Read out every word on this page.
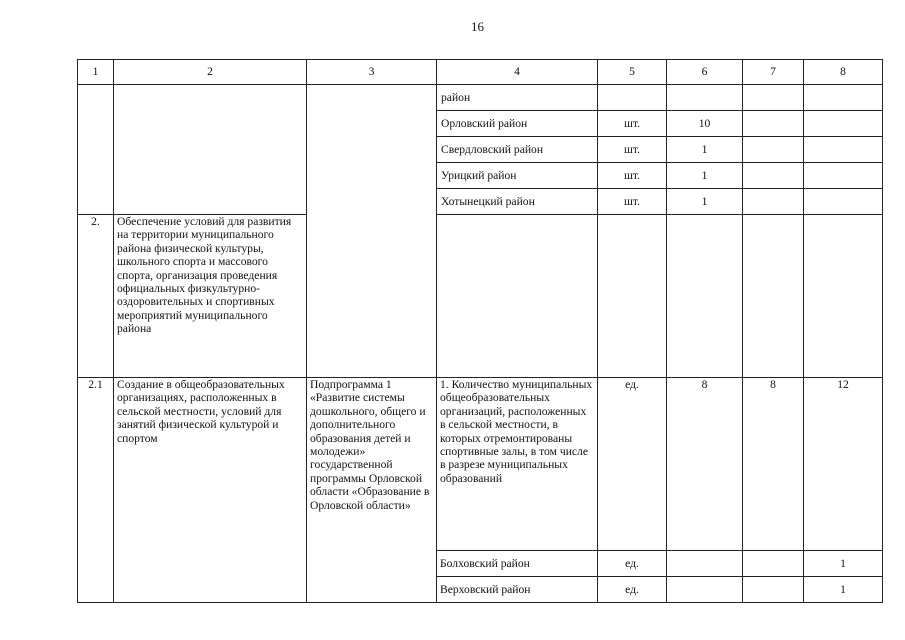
16
1	2	3	4	5	6	7	8
			район				
			Орловский район	шт.	10		
			Свердловский район	шт.	1		
			Урицкий район	шт.	1		
			Хотынецкий район	шт.	1		
2.	Обеспечение условий для развития на территории муниципального района физической культуры, школьного спорта и массового спорта, организация проведения официальных физкультурно-оздоровительных и спортивных мероприятий муниципального района						
2.1	Создание в общеобразовательных организациях, расположенных в сельской местности, условий для занятий физической культурой и спортом	Подпрограмма 1 «Развитие системы дошкольного, общего и дополнительного образования детей и молодежи» государственной программы Орловской области «Образование в Орловской области»	1. Количество муниципальных общеобразовательных организаций, расположенных в сельской местности, в которых отремонтированы спортивные залы, в том числе в разрезе муниципальных образований	ед.	8	8	12
			Болховский район	ед.			1
			Верховский район	ед.			1
